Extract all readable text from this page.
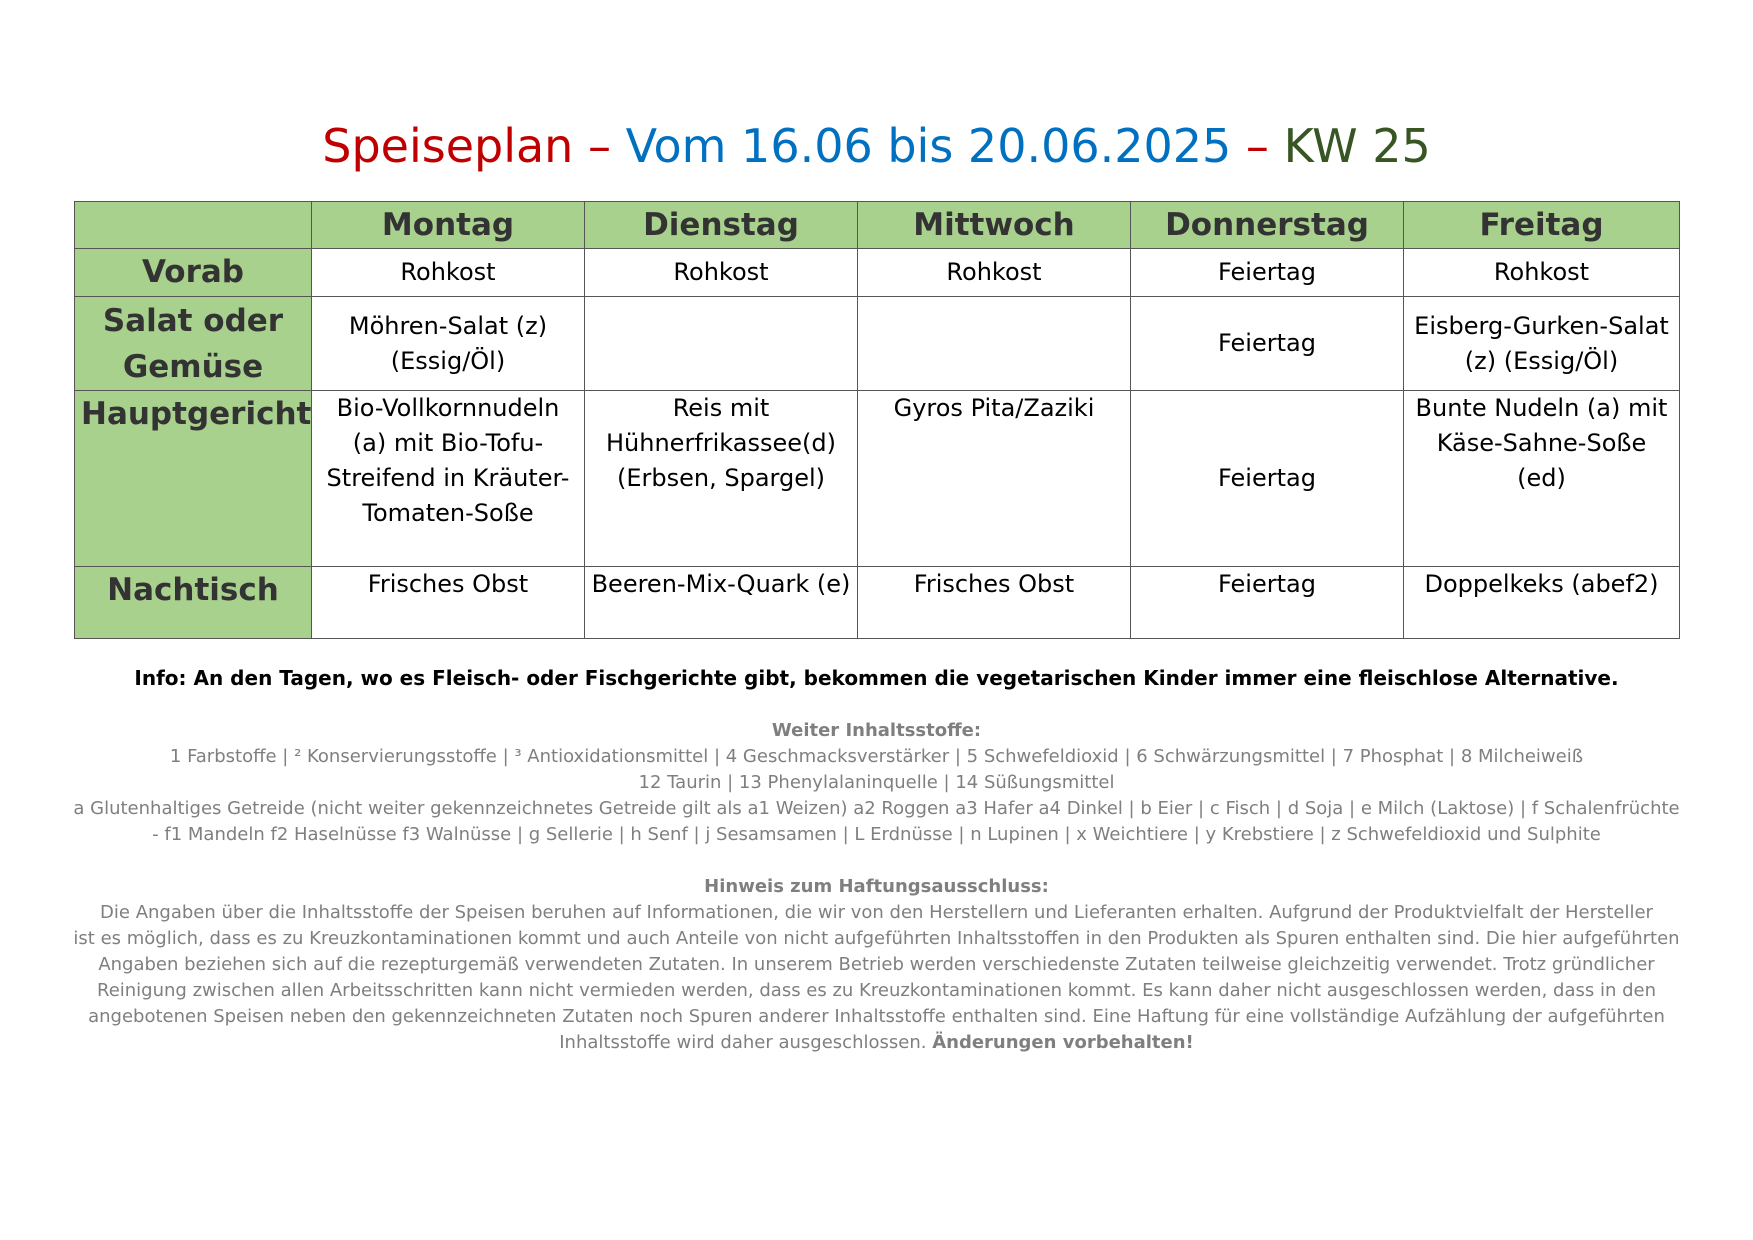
Speiseplan – Vom 16.06 bis 20.06.2025 – KW 25
	Montag	Dienstag	Mittwoch	Donnerstag	Freitag
Vorab	Rohkost	Rohkost	Rohkost	Feiertag	Rohkost
Salat oder Gemüse	Möhren-Salat (z) (Essig/Öl)			Feiertag	Eisberg-Gurken-Salat (z) (Essig/Öl)
Hauptgericht	Bio-Vollkornnudeln (a) mit Bio-Tofu-Streifend in Kräuter-Tomaten-Soße	Reis mit Hühnerfrikassee(d) (Erbsen, Spargel)	Gyros Pita/Zaziki	Feiertag	Bunte Nudeln (a) mit Käse-Sahne-Soße (ed)
Nachtisch	Frisches Obst	Beeren-Mix-Quark (e)	Frisches Obst	Feiertag	Doppelkeks (abef2)
Info: An den Tagen, wo es Fleisch- oder Fischgerichte gibt, bekommen die vegetarischen Kinder immer eine fleischlose Alternative.
Weiter Inhaltsstoffe:
1 Farbstoffe | ² Konservierungsstoffe | ³ Antioxidationsmittel | 4 Geschmacksverstärker | 5 Schwefeldioxid | 6 Schwärzungsmittel | 7 Phosphat | 8 Milcheiweiß
12 Taurin | 13 Phenylalaninquelle | 14 Süßungsmittel
a Glutenhaltiges Getreide (nicht weiter gekennzeichnetes Getreide gilt als a1 Weizen) a2 Roggen a3 Hafer a4 Dinkel | b Eier | c Fisch | d Soja | e Milch (Laktose) | f Schalenfrüchte
- f1 Mandeln f2 Haselnüsse f3 Walnüsse | g Sellerie | h Senf | j Sesamsamen | L Erdnüsse | n Lupinen | x Weichtiere | y Krebstiere | z Schwefeldioxid und Sulphite
Hinweis zum Haftungsausschluss:
Die Angaben über die Inhaltsstoffe der Speisen beruhen auf Informationen, die wir von den Herstellern und Lieferanten erhalten. Aufgrund der Produktvielfalt der Hersteller
ist es möglich, dass es zu Kreuzkontaminationen kommt und auch Anteile von nicht aufgeführten Inhaltsstoffen in den Produkten als Spuren enthalten sind. Die hier aufgeführten
Angaben beziehen sich auf die rezepturgemäß verwendeten Zutaten. In unserem Betrieb werden verschiedenste Zutaten teilweise gleichzeitig verwendet. Trotz gründlicher
Reinigung zwischen allen Arbeitsschritten kann nicht vermieden werden, dass es zu Kreuzkontaminationen kommt. Es kann daher nicht ausgeschlossen werden, dass in den
angebotenen Speisen neben den gekennzeichneten Zutaten noch Spuren anderer Inhaltsstoffe enthalten sind. Eine Haftung für eine vollständige Aufzählung der aufgeführten
Inhaltsstoffe wird daher ausgeschlossen. Änderungen vorbehalten!
